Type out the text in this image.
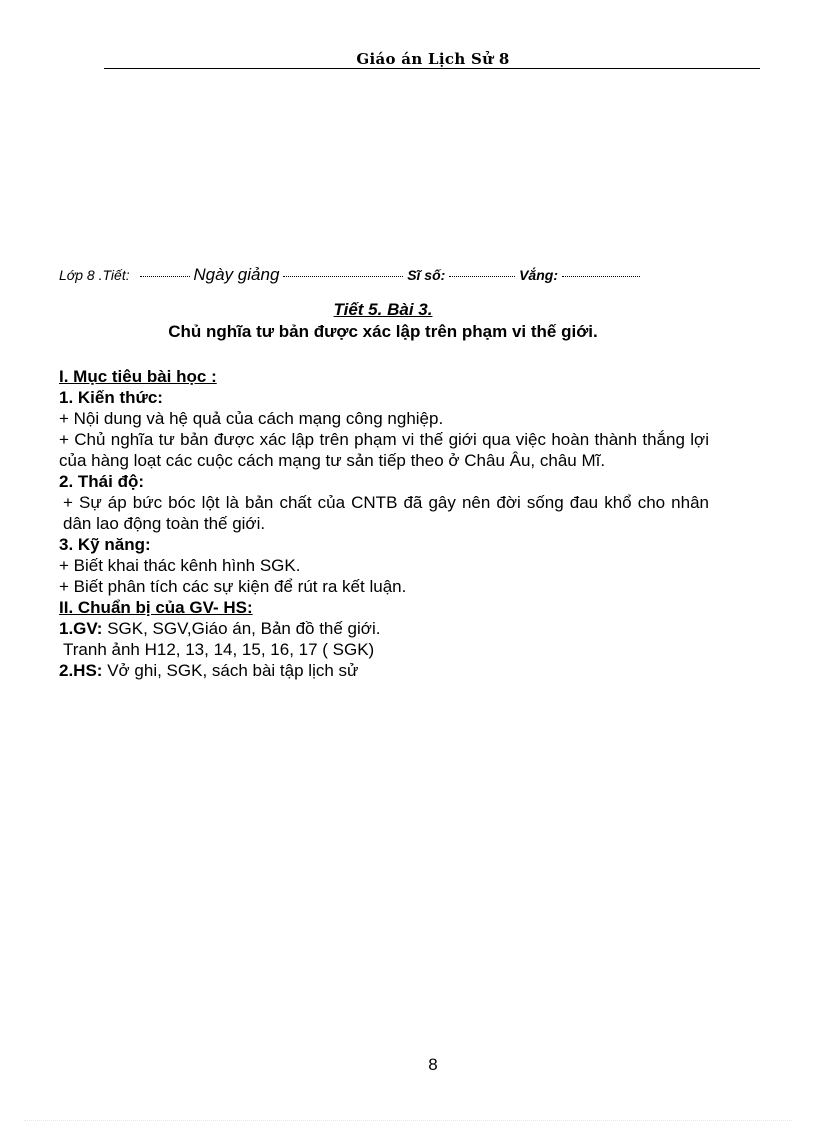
Giáo án Lịch Sử 8
Lớp 8 .Tiết:	Ngày giảng	Sĩ số:	Vắng:
Tiết 5. Bài 3.
Chủ nghĩa tư bản được xác lập trên phạm vi thế giới.

I. Mục tiêu bài học :

1. Kiến thức:

+ Nội dung và hệ quả của cách mạng công nghiệp.

+ Chủ nghĩa tư bản được xác lập trên phạm vi thế giới qua việc hoàn thành thắng lợi của hàng loạt các cuộc cách mạng tư sản tiếp theo ở Châu Âu, châu Mĩ.

2. Thái độ:

+ Sự áp bức bóc lột là bản chất của CNTB đã gây nên đời sống đau khổ cho nhân dân lao động toàn thế giới.

3. Kỹ năng:

+ Biết khai thác kênh hình SGK.

+ Biết phân tích các sự kiện để rút ra kết luận.

II. Chuẩn bị của GV- HS:

1.GV: SGK, SGV,Giáo án, Bản đồ thế giới.

Tranh ảnh H12, 13, 14, 15, 16, 17 ( SGK)

2.HS: Vở ghi, SGK, sách bài tập lịch sử

8
